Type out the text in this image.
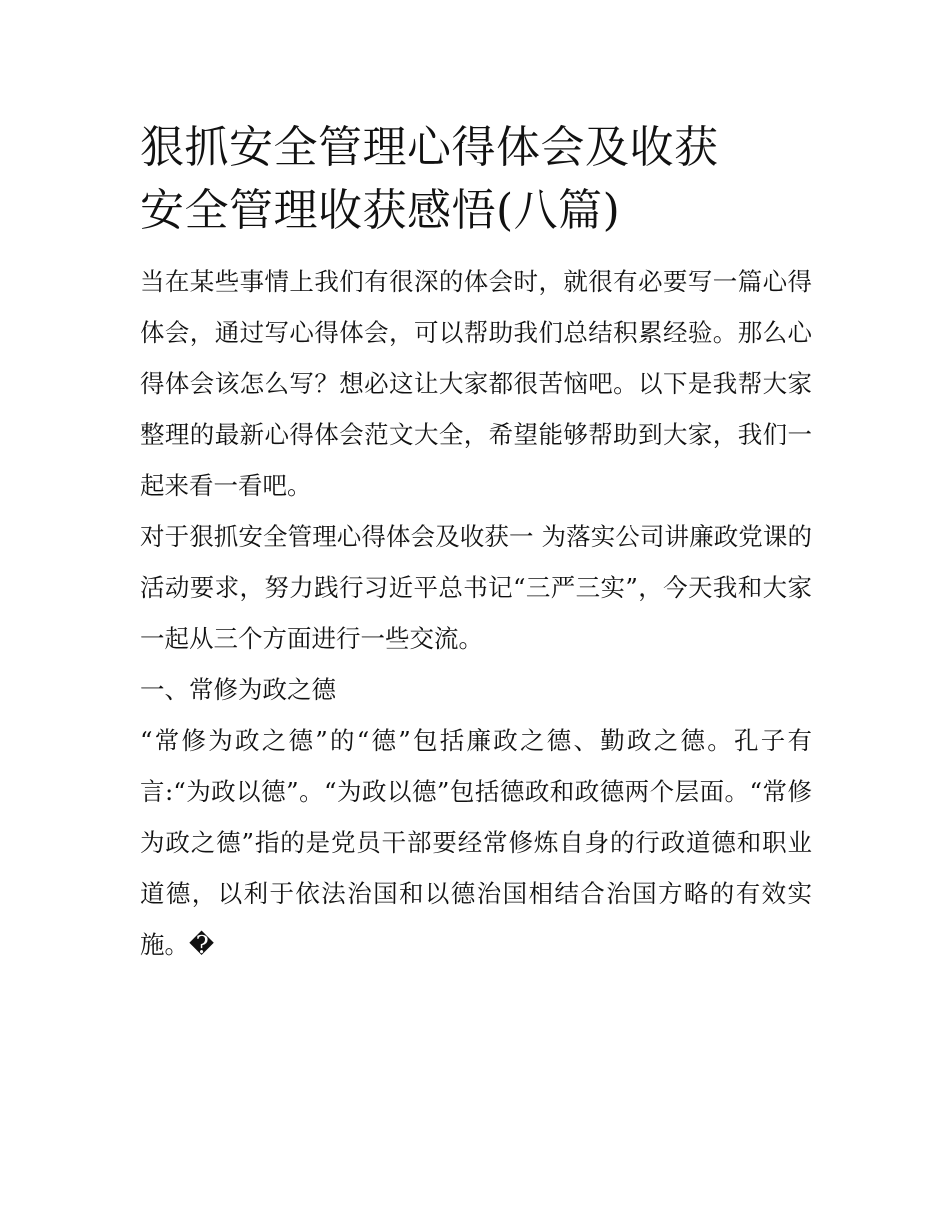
狠抓安全管理心得体会及收获
安全管理收获感悟(八篇)

当在某些事情上我们有很深的体会时，就很有必要写一篇心得体会，通过写心得体会，可以帮助我们总结积累经验。那么心得体会该怎么写？想必这让大家都很苦恼吧。以下是我帮大家整理的最新心得体会范文大全，希望能够帮助到大家，我们一起来看一看吧。

对于狠抓安全管理心得体会及收获一 为落实公司讲廉政党课的活动要求，努力践行习近平总书记“三严三实”，今天我和大家一起从三个方面进行一些交流。

一、常修为政之德

“常修为政之德”的“德”包括廉政之德、勤政之德。孔子有言:“为政以德”。“为政以德”包括德政和政德两个层面。“常修为政之德”指的是党员干部要经常修炼自身的行政道德和职业道德，以利于依法治国和以德治国相结合治国方略的有效实施。�
